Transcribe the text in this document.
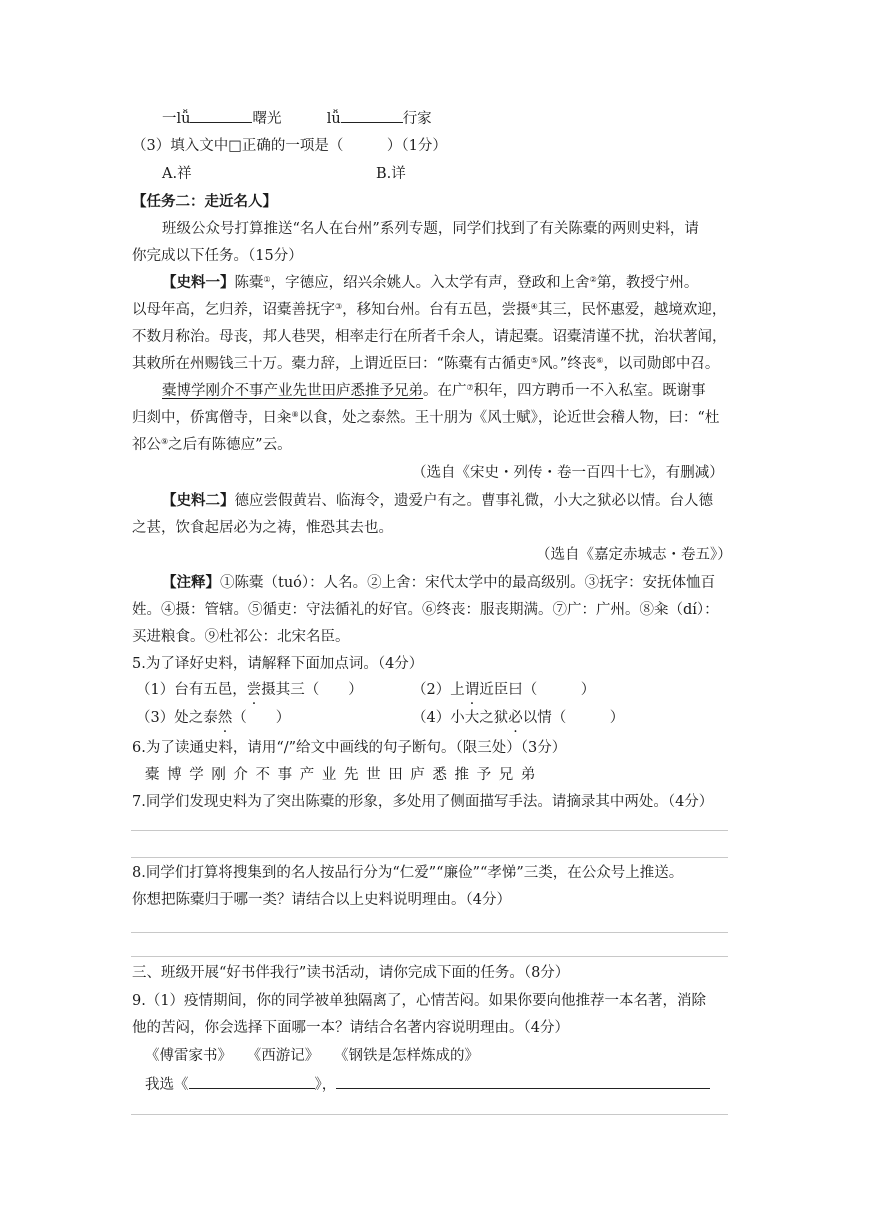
一lǚ	曙光	lǚ	行家
（3）填入文中□正确的一项是（　　　）（1分）
A.祥	B.详
【任务二：走近名人】
班级公众号打算推送“名人在台州”系列专题，同学们找到了有关陈橐的两则史料，请
你完成以下任务。（15分）
【史料一】陈橐①，字德应，绍兴余姚人。入太学有声，登政和上舍②第，教授宁州。
以母年高，乞归养，诏橐善抚字③，移知台州。台有五邑，尝摄④其三，民怀惠爱，越境欢迎，
不数月称治。母丧，邦人巷哭，相率走行在所者千余人，请起橐。诏橐清谨不扰，治状著闻，
其敕所在州赐钱三十万。橐力辞，上谓近臣曰：“陈橐有古循吏⑤风。”终丧⑥，以司勋郎中召。
橐博学刚介不事产业先世田庐悉推予兄弟。在广⑦积年，四方聘币一不入私室。既谢事
归剡中，侨寓僧寺，日籴⑧以食，处之泰然。王十朋为《风士赋》，论近世会稽人物，曰：“杜
祁公⑨之后有陈德应”云。
（选自《宋史・列传・卷一百四十七》，有删减）
【史料二】德应尝假黄岩、临海令，遗爱户有之。曹事礼微，小大之狱必以情。台人德
之甚，饮食起居必为之祷，惟恐其去也。
（选自《嘉定赤城志・卷五》）
【注释】①陈橐（tuó）：人名。②上舍：宋代太学中的最高级别。③抚字：安抚体恤百
姓。④摄：管辖。⑤循吏：守法循礼的好官。⑥终丧：服丧期满。⑦广：广州。⑧籴（dí）：
买进粮食。⑨杜祁公：北宋名臣。
5.为了译好史料，请解释下面加点词。（4分）
（1）台有五邑，尝摄其三（　　）	（2）上谓近臣曰（　　　）
（3）处之泰然（　　）	（4）小大之狱必以情（　　　）
6.为了读通史料，请用“/”给文中画线的句子断句。（限三处）（3分）
橐 博 学 刚 介 不 事 产 业 先 世 田 庐 悉 推 予 兄 弟
7.同学们发现史料为了突出陈橐的形象，多处用了侧面描写手法。请摘录其中两处。（4分）
8.同学们打算将搜集到的名人按品行分为“仁爱”“廉俭”“孝悌”三类，在公众号上推送。
你想把陈橐归于哪一类？请结合以上史料说明理由。（4分）
三、班级开展“好书伴我行”读书活动，请你完成下面的任务。（8分）
9.（1）疫情期间，你的同学被单独隔离了，心情苦闷。如果你要向他推荐一本名著，消除
他的苦闷，你会选择下面哪一本？请结合名著内容说明理由。（4分）
《傅雷家书》 《西游记》 《钢铁是怎样炼成的》
我选《	》，
